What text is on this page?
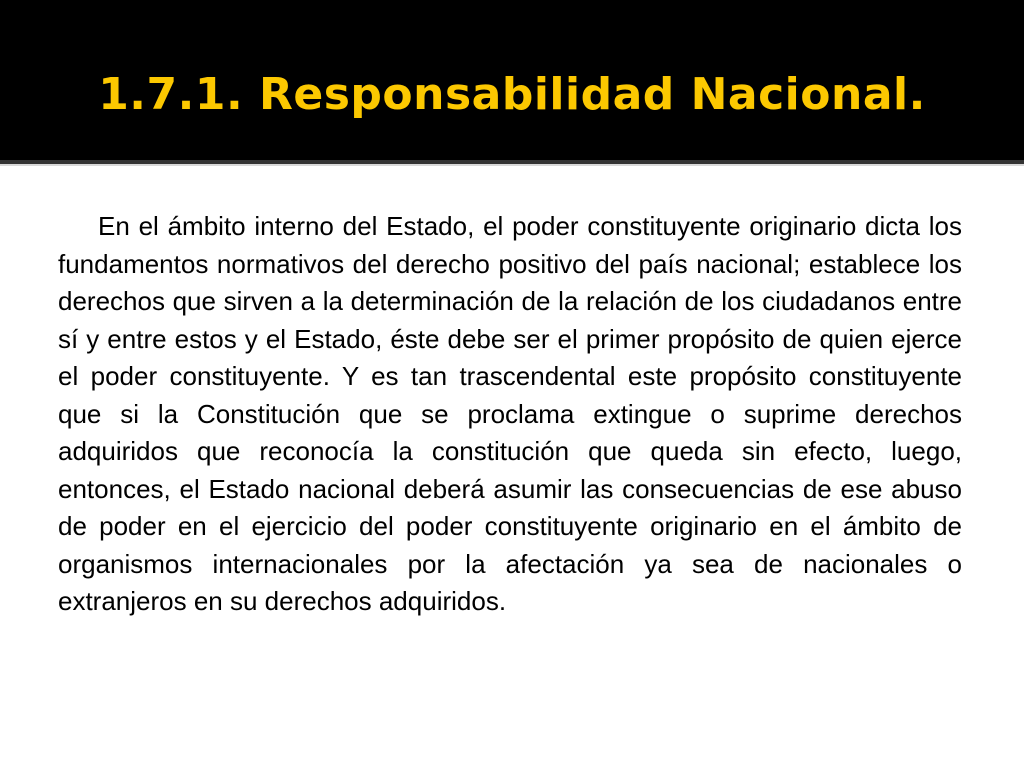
1.7.1. Responsabilidad Nacional.

En el ámbito interno del Estado, el poder constituyente originario dicta los fundamentos normativos del derecho positivo del país nacional; establece los derechos que sirven a la determinación de la relación de los ciudadanos entre sí y entre estos y el Estado, éste debe ser el primer propósito de quien ejerce el poder constituyente. Y es tan trascendental este propósito constituyente que si la Constitución que se proclama extingue o suprime derechos adquiridos que reconocía la constitución que queda sin efecto, luego, entonces, el Estado nacional deberá asumir las consecuencias de ese abuso de poder en el ejercicio del poder constituyente originario en el ámbito de organismos internacionales por la afectación ya sea de nacionales o extranjeros en su derechos adquiridos.
